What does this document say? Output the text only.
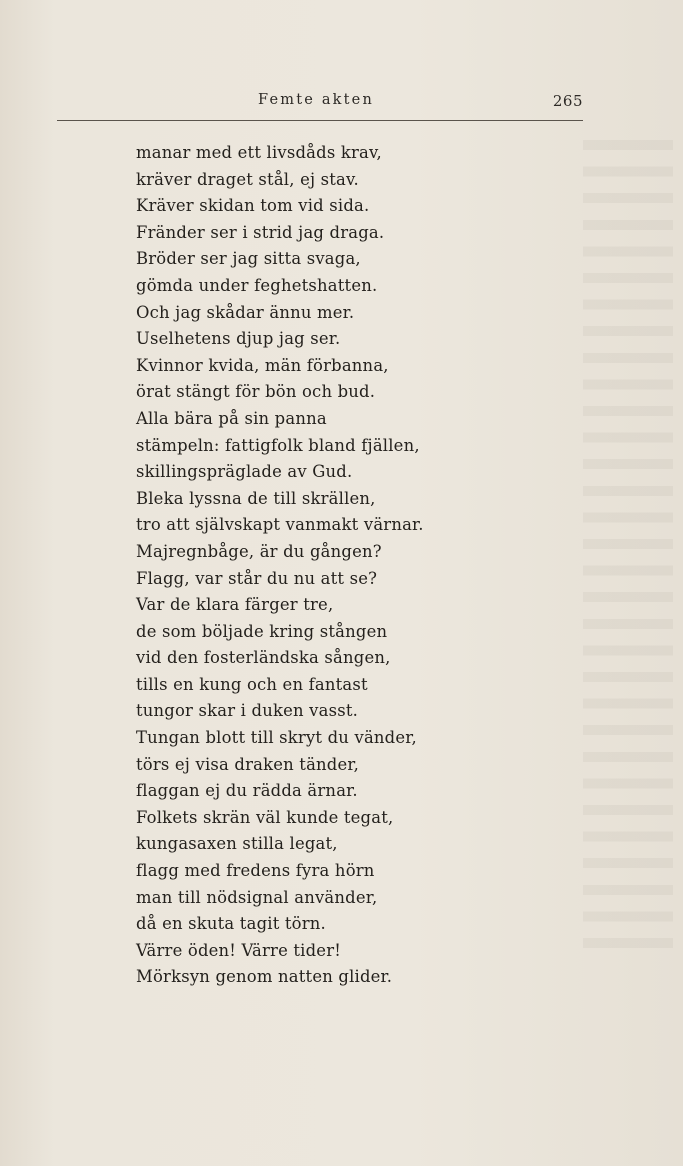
Femte akten	265
manar med ett livsdåds krav,
kräver draget stål, ej stav.
Kräver skidan tom vid sida.
Fränder ser i strid jag draga.
Bröder ser jag sitta svaga,
gömda under feghetshatten.
Och jag skådar ännu mer.
Uselhetens djup jag ser.
Kvinnor kvida, män förbanna,
örat stängt för bön och bud.
Alla bära på sin panna
stämpeln: fattigfolk bland fjällen,
skillingspräglade av Gud.
Bleka lyssna de till skrällen,
tro att självskapt vanmakt värnar.
Majregnbåge, är du gången?
Flagg, var står du nu att se?
Var de klara färger tre,
de som böljade kring stången
vid den fosterländska sången,
tills en kung och en fantast
tungor skar i duken vasst.
Tungan blott till skryt du vänder,
törs ej visa draken tänder,
flaggan ej du rädda ärnar.
Folkets skrän väl kunde tegat,
kungasaxen stilla legat,
flagg med fredens fyra hörn
man till nödsignal använder,
då en skuta tagit törn.
Värre öden! Värre tider!
Mörksyn genom natten glider.
